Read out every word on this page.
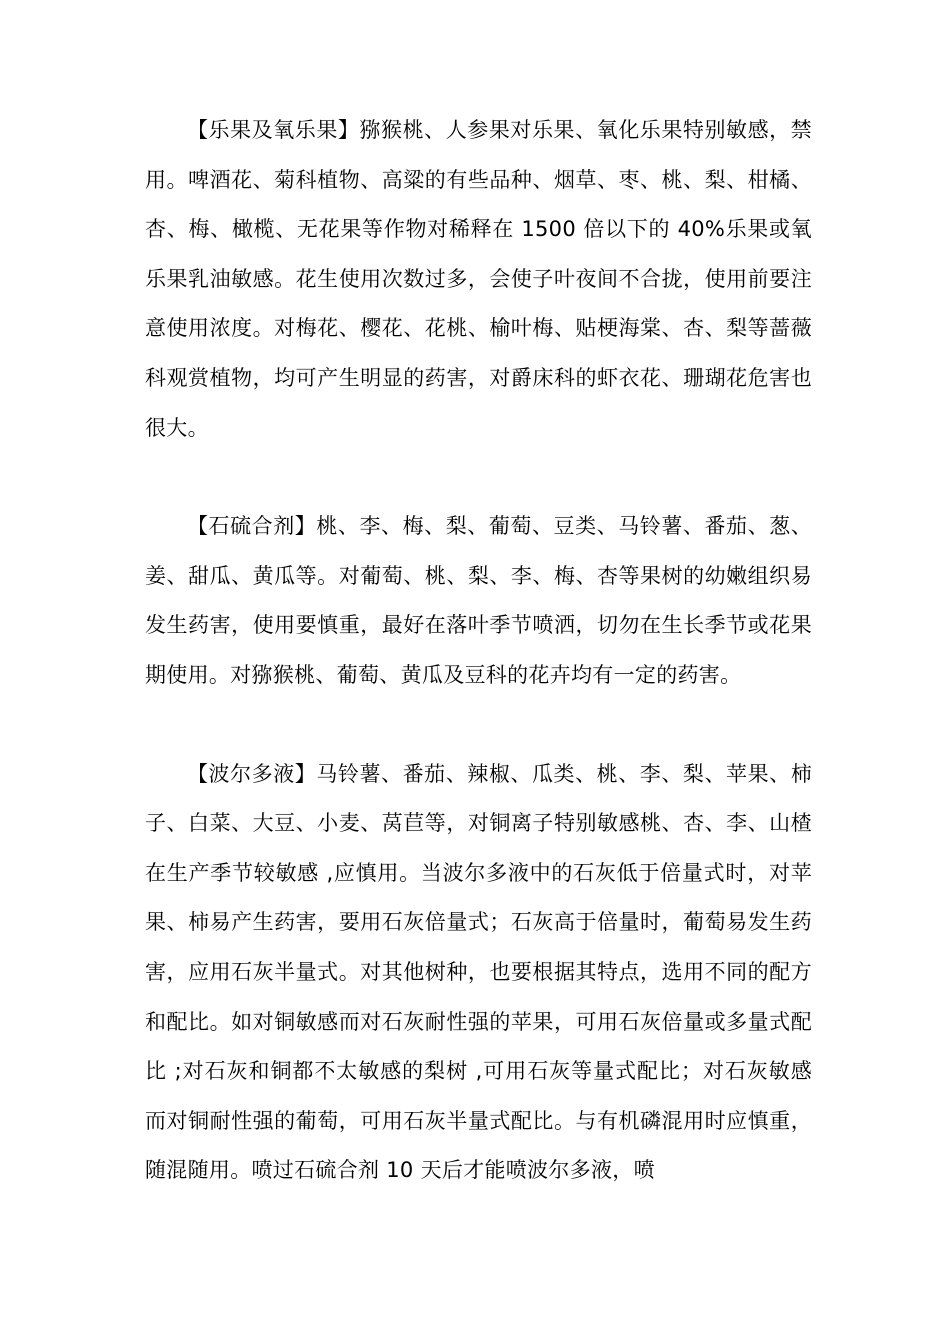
【乐果及氧乐果】猕猴桃、人参果对乐果、氧化乐果特别敏感，禁用。啤酒花、菊科植物、高粱的有些品种、烟草、枣、桃、梨、柑橘、杏、梅、橄榄、无花果等作物对稀释在 1500 倍以下的 40%乐果或氧乐果乳油敏感。花生使用次数过多，会使子叶夜间不合拢，使用前要注意使用浓度。对梅花、樱花、花桃、榆叶梅、贴梗海棠、杏、梨等蔷薇科观赏植物，均可产生明显的药害，对爵床科的虾衣花、珊瑚花危害也很大。

【石硫合剂】桃、李、梅、梨、葡萄、豆类、马铃薯、番茄、葱、姜、甜瓜、黄瓜等。对葡萄、桃、梨、李、梅、杏等果树的幼嫩组织易发生药害，使用要慎重，最好在落叶季节喷洒，切勿在生长季节或花果期使用。对猕猴桃、葡萄、黄瓜及豆科的花卉均有一定的药害。

【波尔多液】马铃薯、番茄、辣椒、瓜类、桃、李、梨、苹果、柿子、白菜、大豆、小麦、莴苣等，对铜离子特别敏感桃、杏、李、山楂在生产季节较敏感 ,应慎用。当波尔多液中的石灰低于倍量式时，对苹果、柿易产生药害，要用石灰倍量式；石灰高于倍量时，葡萄易发生药害，应用石灰半量式。对其他树种，也要根据其特点，选用不同的配方和配比。如对铜敏感而对石灰耐性强的苹果，可用石灰倍量或多量式配比 ;对石灰和铜都不太敏感的梨树 ,可用石灰等量式配比；对石灰敏感而对铜耐性强的葡萄，可用石灰半量式配比。与有机磷混用时应慎重，随混随用。喷过石硫合剂 10 天后才能喷波尔多液，喷
